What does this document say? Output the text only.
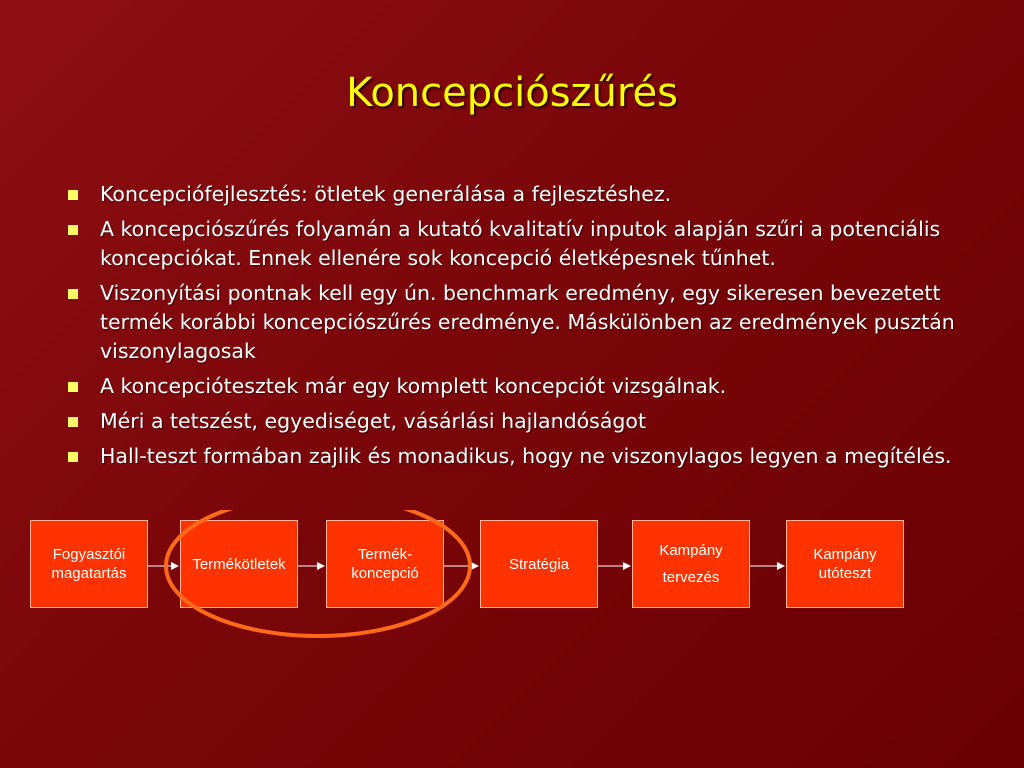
Koncepciószűrés
Koncepciófejlesztés: ötletek generálása a fejlesztéshez.
A koncepciószűrés folyamán a kutató kvalitatív inputok alapján szűri a potenciális koncepciókat. Ennek ellenére sok koncepció életképesnek tűnhet.
Viszonyítási pontnak kell egy ún. benchmark eredmény, egy sikeresen bevezetett termék korábbi koncepciószűrés eredménye. Máskülönben az eredmények pusztán viszonylagosak
A koncepciótesztek már egy komplett koncepciót vizsgálnak.
Méri a tetszést, egyediséget, vásárlási hajlandóságot
Hall-teszt formában zajlik és monadikus, hogy ne viszonylagos legyen a megítélés.
Fogyasztói
magatartás
Termékötletek
Termék-
koncepció
Stratégia
Kampány
tervezés
Kampány
utóteszt
